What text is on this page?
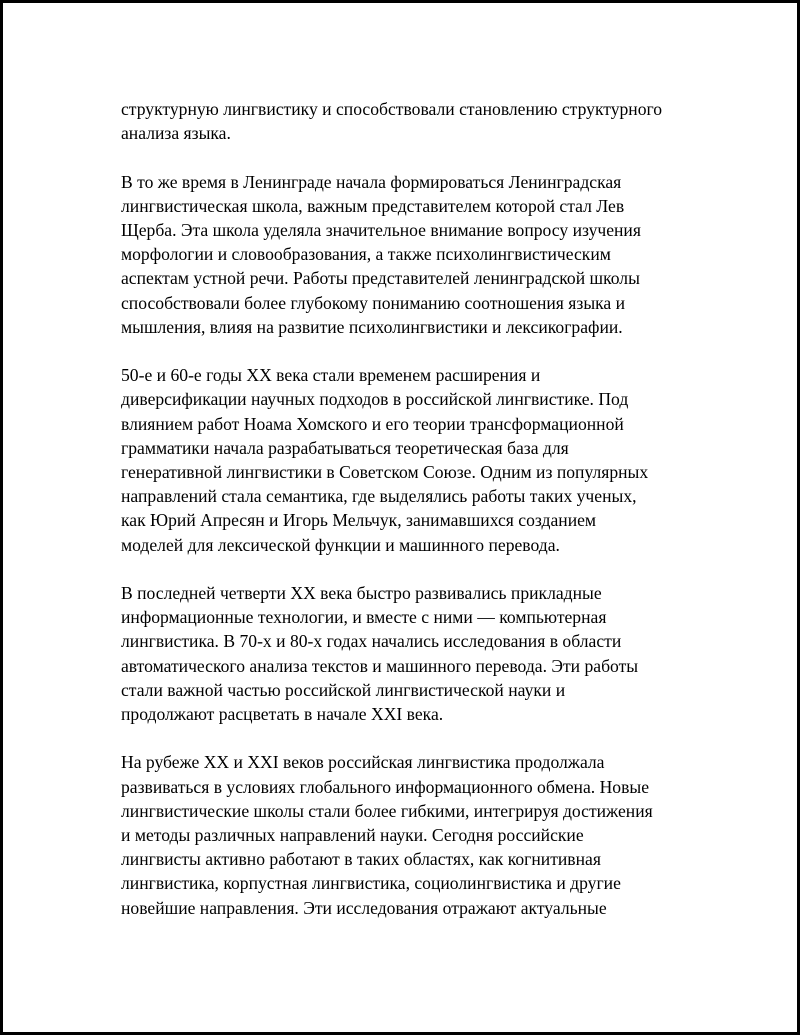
структурную лингвистику и способствовали становлению структурного
анализа языка.

В то же время в Ленинграде начала формироваться Ленинградская
лингвистическая школа, важным представителем которой стал Лев
Щерба. Эта школа уделяла значительное внимание вопросу изучения
морфологии и словообразования, а также психолингвистическим
аспектам устной речи. Работы представителей ленинградской школы
способствовали более глубокому пониманию соотношения языка и
мышления, влияя на развитие психолингвистики и лексикографии.

50-е и 60-е годы XX века стали временем расширения и
диверсификации научных подходов в российской лингвистике. Под
влиянием работ Ноама Хомского и его теории трансформационной
грамматики начала разрабатываться теоретическая база для
генеративной лингвистики в Советском Союзе. Одним из популярных
направлений стала семантика, где выделялись работы таких ученых,
как Юрий Апресян и Игорь Мельчук, занимавшихся созданием
моделей для лексической функции и машинного перевода.

В последней четверти XX века быстро развивались прикладные
информационные технологии, и вместе с ними — компьютерная
лингвистика. В 70-х и 80-х годах начались исследования в области
автоматического анализа текстов и машинного перевода. Эти работы
стали важной частью российской лингвистической науки и
продолжают расцветать в начале XXI века.

На рубеже XX и XXI веков российская лингвистика продолжала
развиваться в условиях глобального информационного обмена. Новые
лингвистические школы стали более гибкими, интегрируя достижения
и методы различных направлений науки. Сегодня российские
лингвисты активно работают в таких областях, как когнитивная
лингвистика, корпустная лингвистика, социолингвистика и другие
новейшие направления. Эти исследования отражают актуальные
